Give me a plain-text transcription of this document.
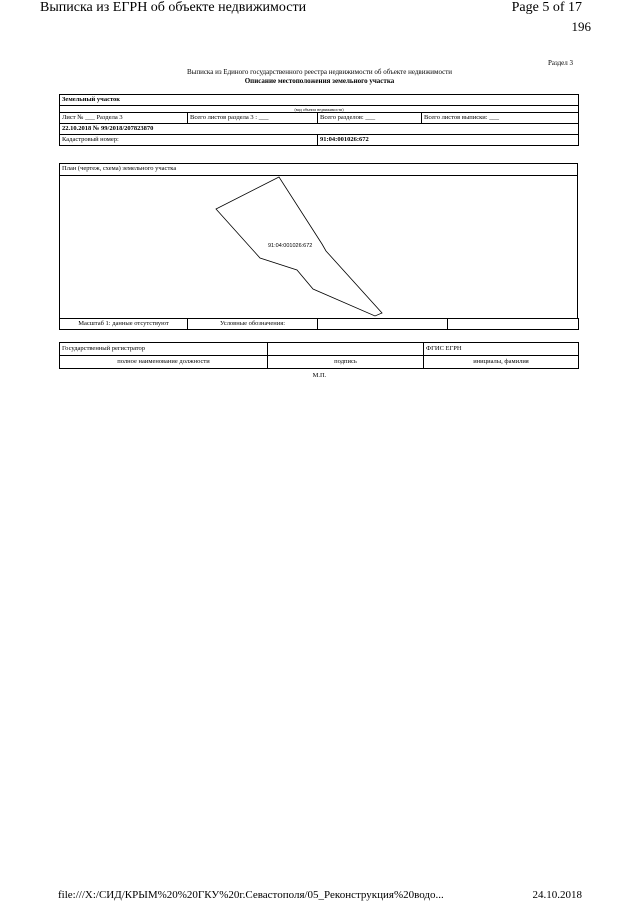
Выписка из ЕГРН об объекте недвижимости	Page 5 of 17
196
Раздел 3
Выписка из Единого государственного реестра недвижимости об объекте недвижимости
Описание местоположения земельного участка
Земельный участок			
(вид объекта недвижимости)			
Лист № ___ Раздела 3	Всего листов раздела 3 : ___	Всего разделов: ___	Всего листов выписки: ___
22.10.2018 № 99/2018/207823870			
Кадастровый номер:		91:04:001026:672	
План (чертеж, схема) земельного участка
91:04:001026:672
Масштаб 1: данные отсутствуют	Условные обозначения:		
Государственный регистратор		ФГИС ЕГРН
полное наименование должности	подпись	инициалы, фамилия
М.П.
file:///X:/СИД/КРЫМ%20%20ГКУ%20г.Севастополя/05_Реконструкция%20водо...	24.10.2018
